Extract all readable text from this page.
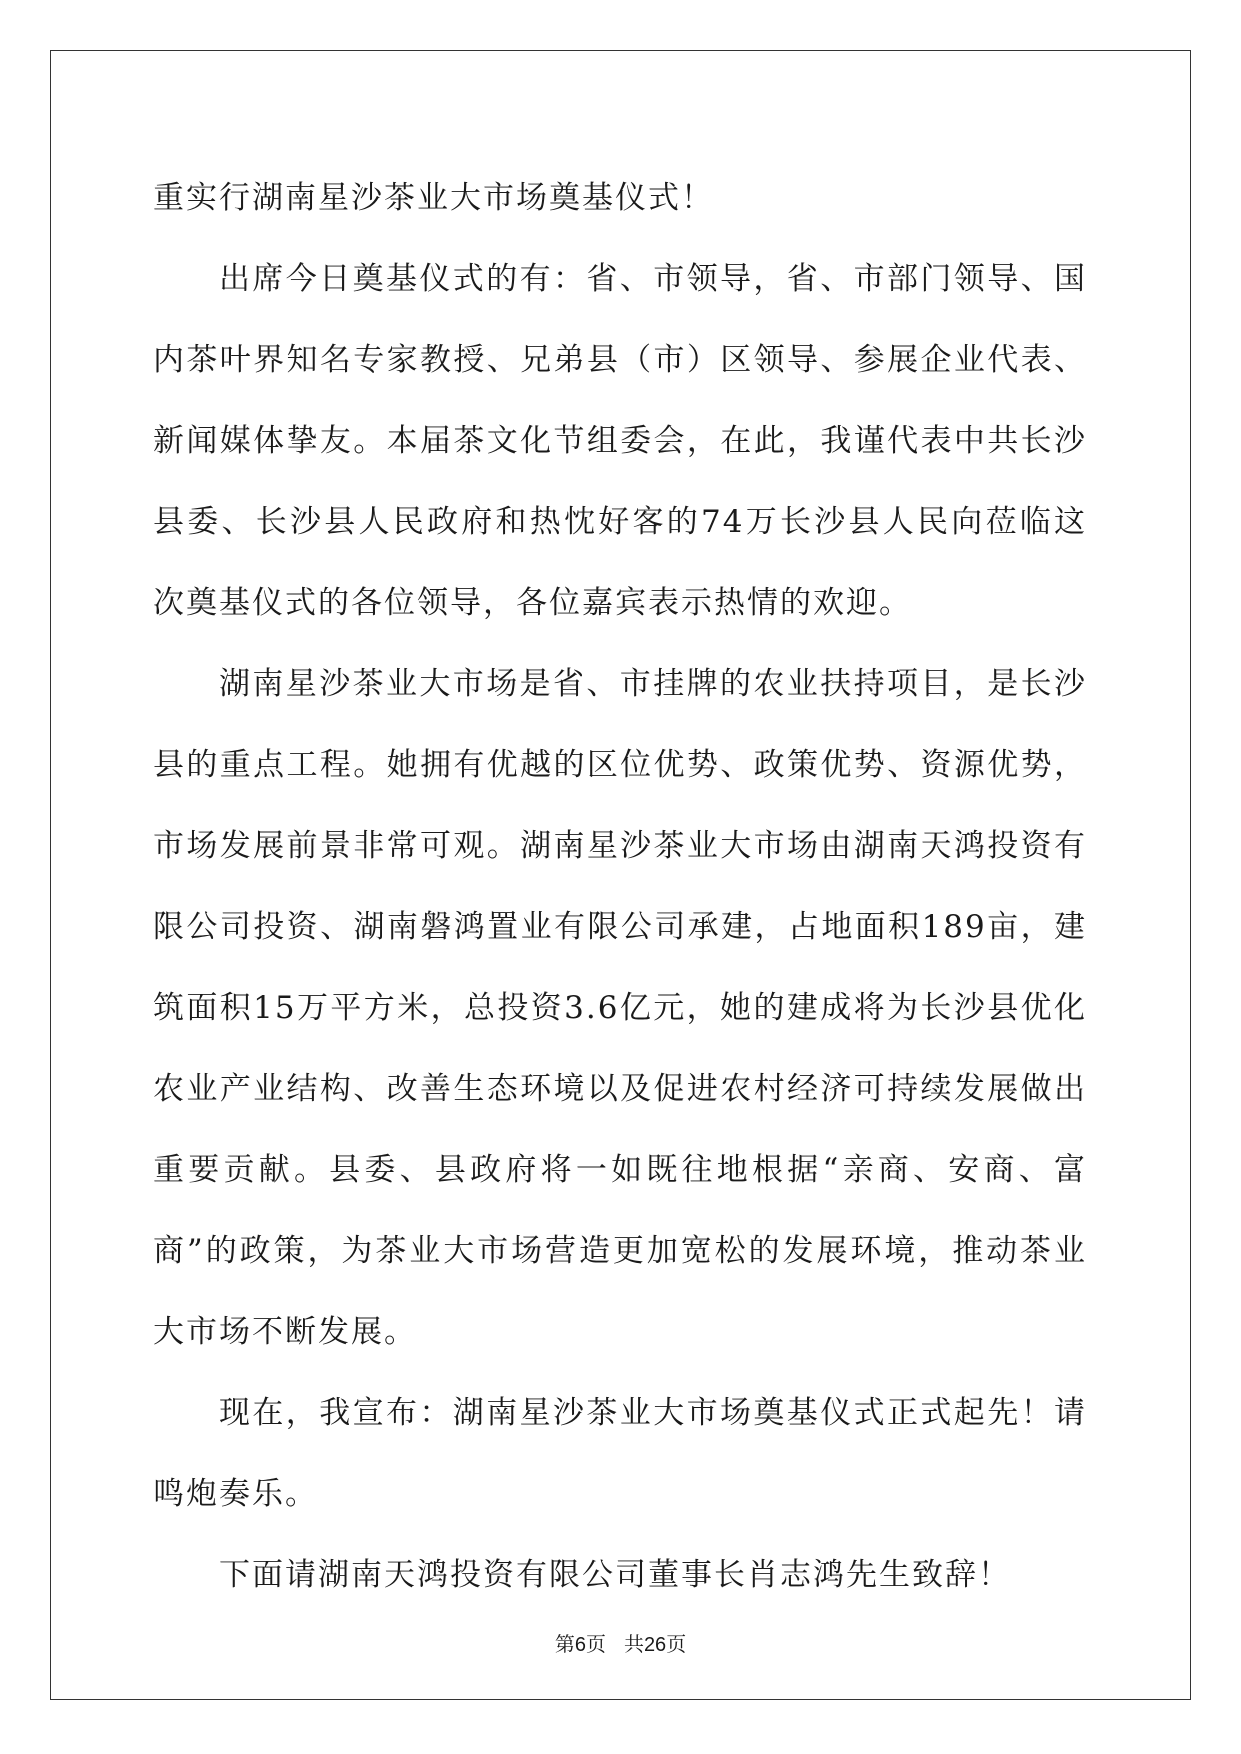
重实行湖南星沙茶业大市场奠基仪式！

出席今日奠基仪式的有：省、市领导，省、市部门领导、国内茶叶界知名专家教授、兄弟县（市）区领导、参展企业代表、新闻媒体挚友。本届茶文化节组委会，在此，我谨代表中共长沙县委、长沙县人民政府和热忱好客的74万长沙县人民向莅临这次奠基仪式的各位领导，各位嘉宾表示热情的欢迎。

湖南星沙茶业大市场是省、市挂牌的农业扶持项目，是长沙县的重点工程。她拥有优越的区位优势、政策优势、资源优势，市场发展前景非常可观。湖南星沙茶业大市场由湖南天鸿投资有限公司投资、湖南磐鸿置业有限公司承建，占地面积189亩，建筑面积15万平方米，总投资3.6亿元，她的建成将为长沙县优化农业产业结构、改善生态环境以及促进农村经济可持续发展做出重要贡献。县委、县政府将一如既往地根据“亲商、安商、富商”的政策，为茶业大市场营造更加宽松的发展环境，推动茶业大市场不断发展。

现在，我宣布：湖南星沙茶业大市场奠基仪式正式起先！请鸣炮奏乐。

下面请湖南天鸿投资有限公司董事长肖志鸿先生致辞！

第6页 共26页
